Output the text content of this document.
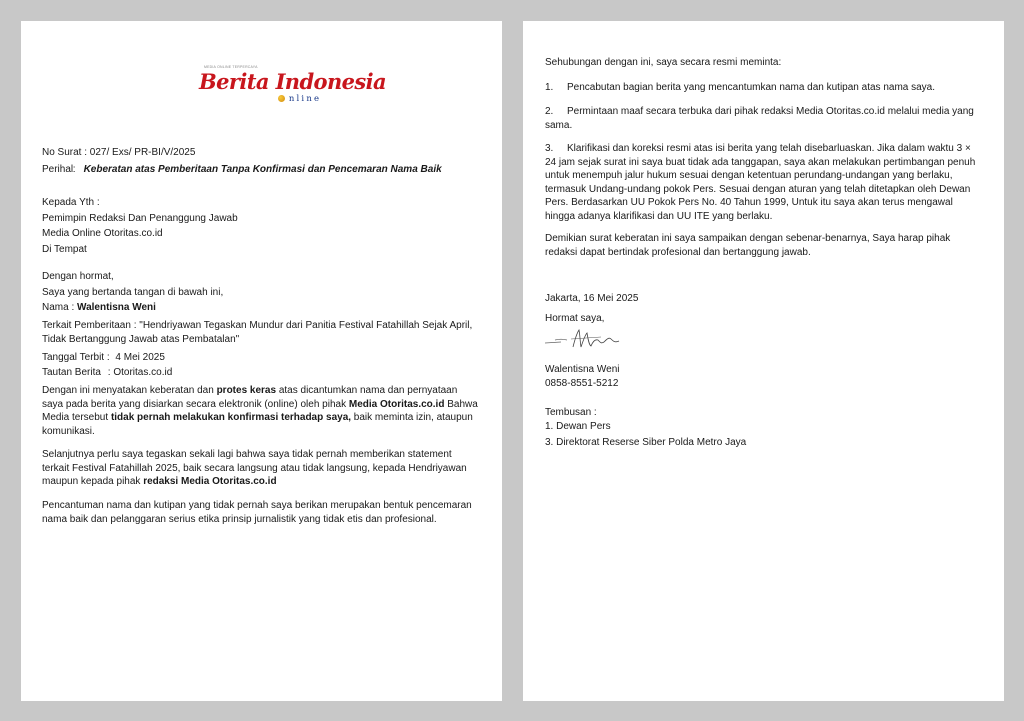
MEDIA ONLINE TERPERCAYA
Berita Indonesia
nline
No Surat : 027/ Exs/ PR-BI/V/2025
Perihal : Keberatan atas Pemberitaan Tanpa Konfirmasi dan Pencemaran Nama Baik
Kepada Yth :
Pemimpin Redaksi Dan Penanggung Jawab
Media Online Otoritas.co.id
Di Tempat
Dengan hormat,
Saya yang bertanda tangan di bawah ini,
Nama : Walentisna Weni
Terkait Pemberitaan : "Hendriyawan Tegaskan Mundur dari Panitia Festival Fatahillah Sejak April,
Tidak Bertanggung Jawab atas Pembatalan"
Tanggal Terbit : 4 Mei 2025
Tautan Berita : Otoritas.co.id
Dengan ini menyatakan keberatan dan protes keras atas dicantumkan nama dan pernyataan saya pada berita yang disiarkan secara elektronik (online) oleh pihak Media Otoritas.co.id Bahwa Media tersebut tidak pernah melakukan konfirmasi terhadap saya, baik meminta izin, ataupun komunikasi.
Selanjutnya perlu saya tegaskan sekali lagi bahwa saya tidak pernah memberikan statement terkait Festival Fatahillah 2025, baik secara langsung atau tidak langsung, kepada Hendriyawan maupun kepada pihak redaksi Media Otoritas.co.id
Pencantuman nama dan kutipan yang tidak pernah saya berikan merupakan bentuk pencemaran nama baik dan pelanggaran serius etika prinsip jurnalistik yang tidak etis dan profesional.
Sehubungan dengan ini, saya secara resmi meminta:
1.	Pencabutan bagian berita yang mencantumkan nama dan kutipan atas nama saya.
2.	Permintaan maaf secara terbuka dari pihak redaksi Media Otoritas.co.id melalui media yang sama.
3.	Klarifikasi dan koreksi resmi atas isi berita yang telah disebarluaskan. Jika dalam waktu 3 × 24 jam sejak surat ini saya buat tidak ada tanggapan, saya akan melakukan pertimbangan penuh untuk menempuh jalur hukum sesuai dengan ketentuan perundang-undangan yang berlaku, termasuk Undang-undang pokok Pers. Sesuai dengan aturan yang telah ditetapkan oleh Dewan Pers. Berdasarkan UU Pokok Pers No. 40 Tahun 1999, Untuk itu saya akan terus mengawal hingga adanya klarifikasi dan UU ITE yang berlaku.
Demikian surat keberatan ini saya sampaikan dengan sebenar-benarnya, Saya harap pihak redaksi dapat bertindak profesional dan bertanggung jawab.
Jakarta, 16 Mei 2025
Hormat saya,
Walentisna Weni
0858-8551-5212
Tembusan :
1. Dewan Pers
3. Direktorat Reserse Siber Polda Metro Jaya
